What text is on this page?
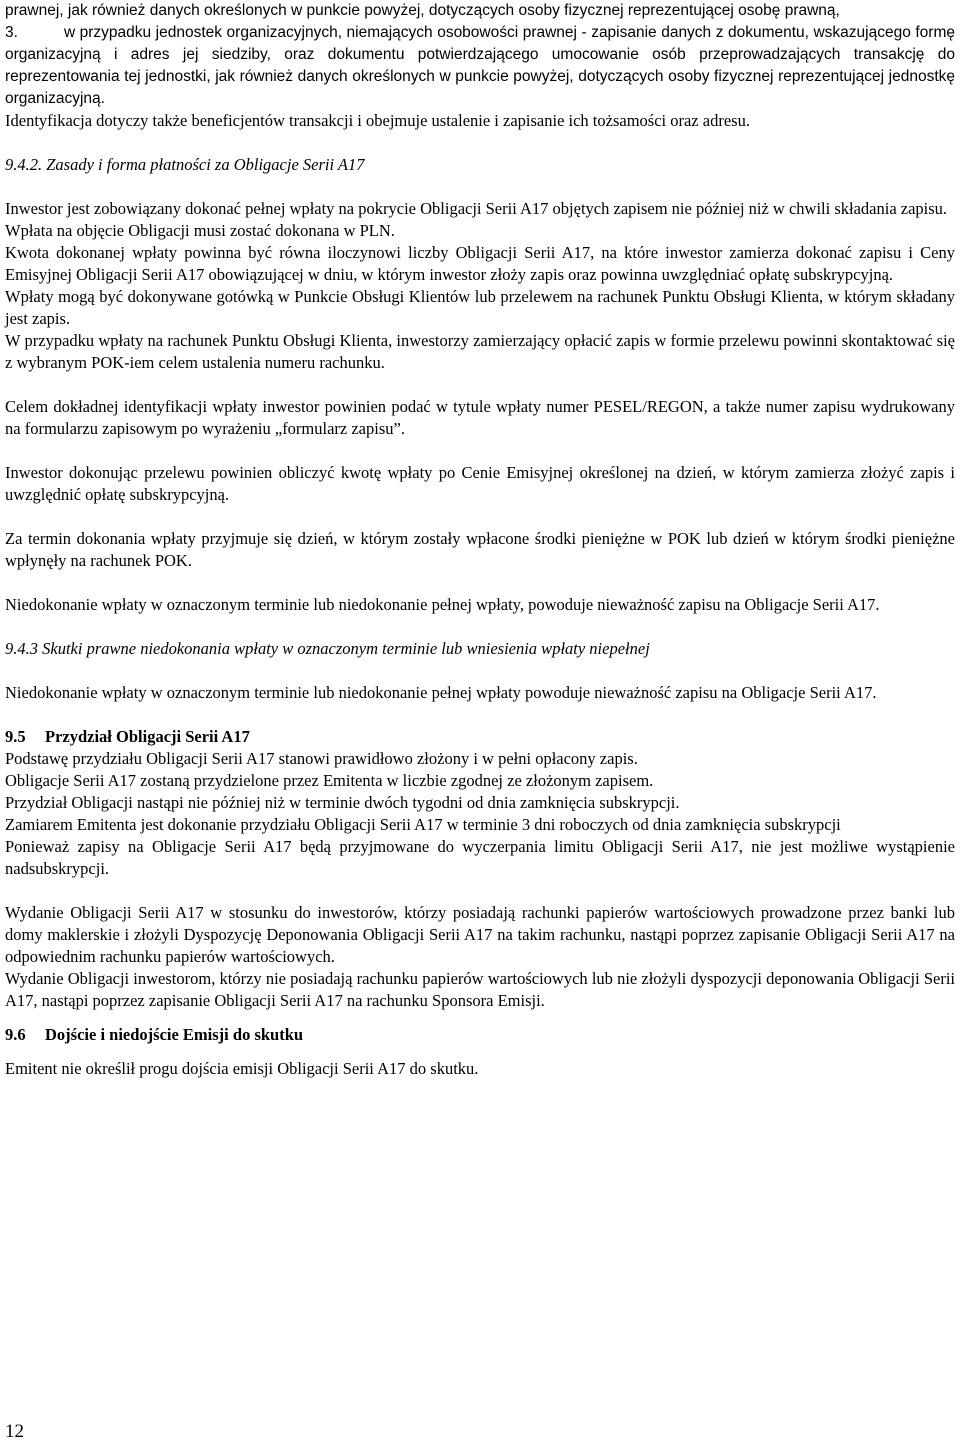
prawnej, jak również danych określonych w punkcie powyżej, dotyczących osoby fizycznej reprezentującej osobę prawną,

3.	w przypadku jednostek organizacyjnych, niemających osobowości prawnej - zapisanie danych z dokumentu, wskazującego formę organizacyjną i adres jej siedziby, oraz dokumentu potwierdzającego umocowanie osób przeprowadzających transakcję do reprezentowania tej jednostki, jak również danych określonych w punkcie powyżej, dotyczących osoby fizycznej reprezentującej jednostkę organizacyjną.

Identyfikacja dotyczy także beneficjentów transakcji i obejmuje ustalenie i zapisanie ich tożsamości oraz adresu.

9.4.2. Zasady i forma płatności za Obligacje Serii A17

Inwestor jest zobowiązany dokonać pełnej wpłaty na pokrycie Obligacji Serii A17 objętych zapisem nie później niż w chwili składania zapisu.

Wpłata na objęcie Obligacji musi zostać dokonana w PLN.

Kwota dokonanej wpłaty powinna być równa iloczynowi liczby Obligacji Serii A17, na które inwestor zamierza dokonać zapisu i Ceny Emisyjnej Obligacji Serii A17 obowiązującej w dniu, w którym inwestor złoży zapis oraz powinna uwzględniać opłatę subskrypcyjną.

Wpłaty mogą być dokonywane gotówką w Punkcie Obsługi Klientów lub przelewem na rachunek Punktu Obsługi Klienta, w którym składany jest zapis.

W przypadku wpłaty na rachunek Punktu Obsługi Klienta, inwestorzy zamierzający opłacić zapis w formie przelewu powinni skontaktować się z wybranym POK-iem celem ustalenia numeru rachunku.

Celem dokładnej identyfikacji wpłaty inwestor powinien podać w tytule wpłaty numer PESEL/REGON, a także numer zapisu wydrukowany na formularzu zapisowym po wyrażeniu „formularz zapisu”.

Inwestor dokonując przelewu powinien obliczyć kwotę wpłaty po Cenie Emisyjnej określonej na dzień, w którym zamierza złożyć zapis i uwzględnić opłatę subskrypcyjną.

Za termin dokonania wpłaty przyjmuje się dzień, w którym zostały wpłacone środki pieniężne w POK lub dzień w którym środki pieniężne wpłynęły na rachunek POK.

Niedokonanie wpłaty w oznaczonym terminie lub niedokonanie pełnej wpłaty, powoduje nieważność zapisu na Obligacje Serii A17.

9.4.3 Skutki prawne niedokonania wpłaty w oznaczonym terminie lub wniesienia wpłaty niepełnej

Niedokonanie wpłaty w oznaczonym terminie lub niedokonanie pełnej wpłaty powoduje nieważność zapisu na Obligacje Serii A17.

9.5 Przydział Obligacji Serii A17

Podstawę przydziału Obligacji Serii A17 stanowi prawidłowo złożony i w pełni opłacony zapis.

Obligacje Serii A17 zostaną przydzielone przez Emitenta w liczbie zgodnej ze złożonym zapisem.

Przydział Obligacji nastąpi nie później niż w terminie dwóch tygodni od dnia zamknięcia subskrypcji.

Zamiarem Emitenta jest dokonanie przydziału Obligacji Serii A17 w terminie 3 dni roboczych od dnia zamknięcia subskrypcji

Ponieważ zapisy na Obligacje Serii A17 będą przyjmowane do wyczerpania limitu Obligacji Serii A17, nie jest możliwe wystąpienie nadsubskrypcji.

Wydanie Obligacji Serii A17 w stosunku do inwestorów, którzy posiadają rachunki papierów wartościowych prowadzone przez banki lub domy maklerskie i złożyli Dyspozycję Deponowania Obligacji Serii A17 na takim rachunku, nastąpi poprzez zapisanie Obligacji Serii A17 na odpowiednim rachunku papierów wartościowych.

Wydanie Obligacji inwestorom, którzy nie posiadają rachunku papierów wartościowych lub nie złożyli dyspozycji deponowania Obligacji Serii A17, nastąpi poprzez zapisanie Obligacji Serii A17 na rachunku Sponsora Emisji.

9.6 Dojście i niedojście Emisji do skutku

Emitent nie określił progu dojścia emisji Obligacji Serii A17 do skutku.

12
